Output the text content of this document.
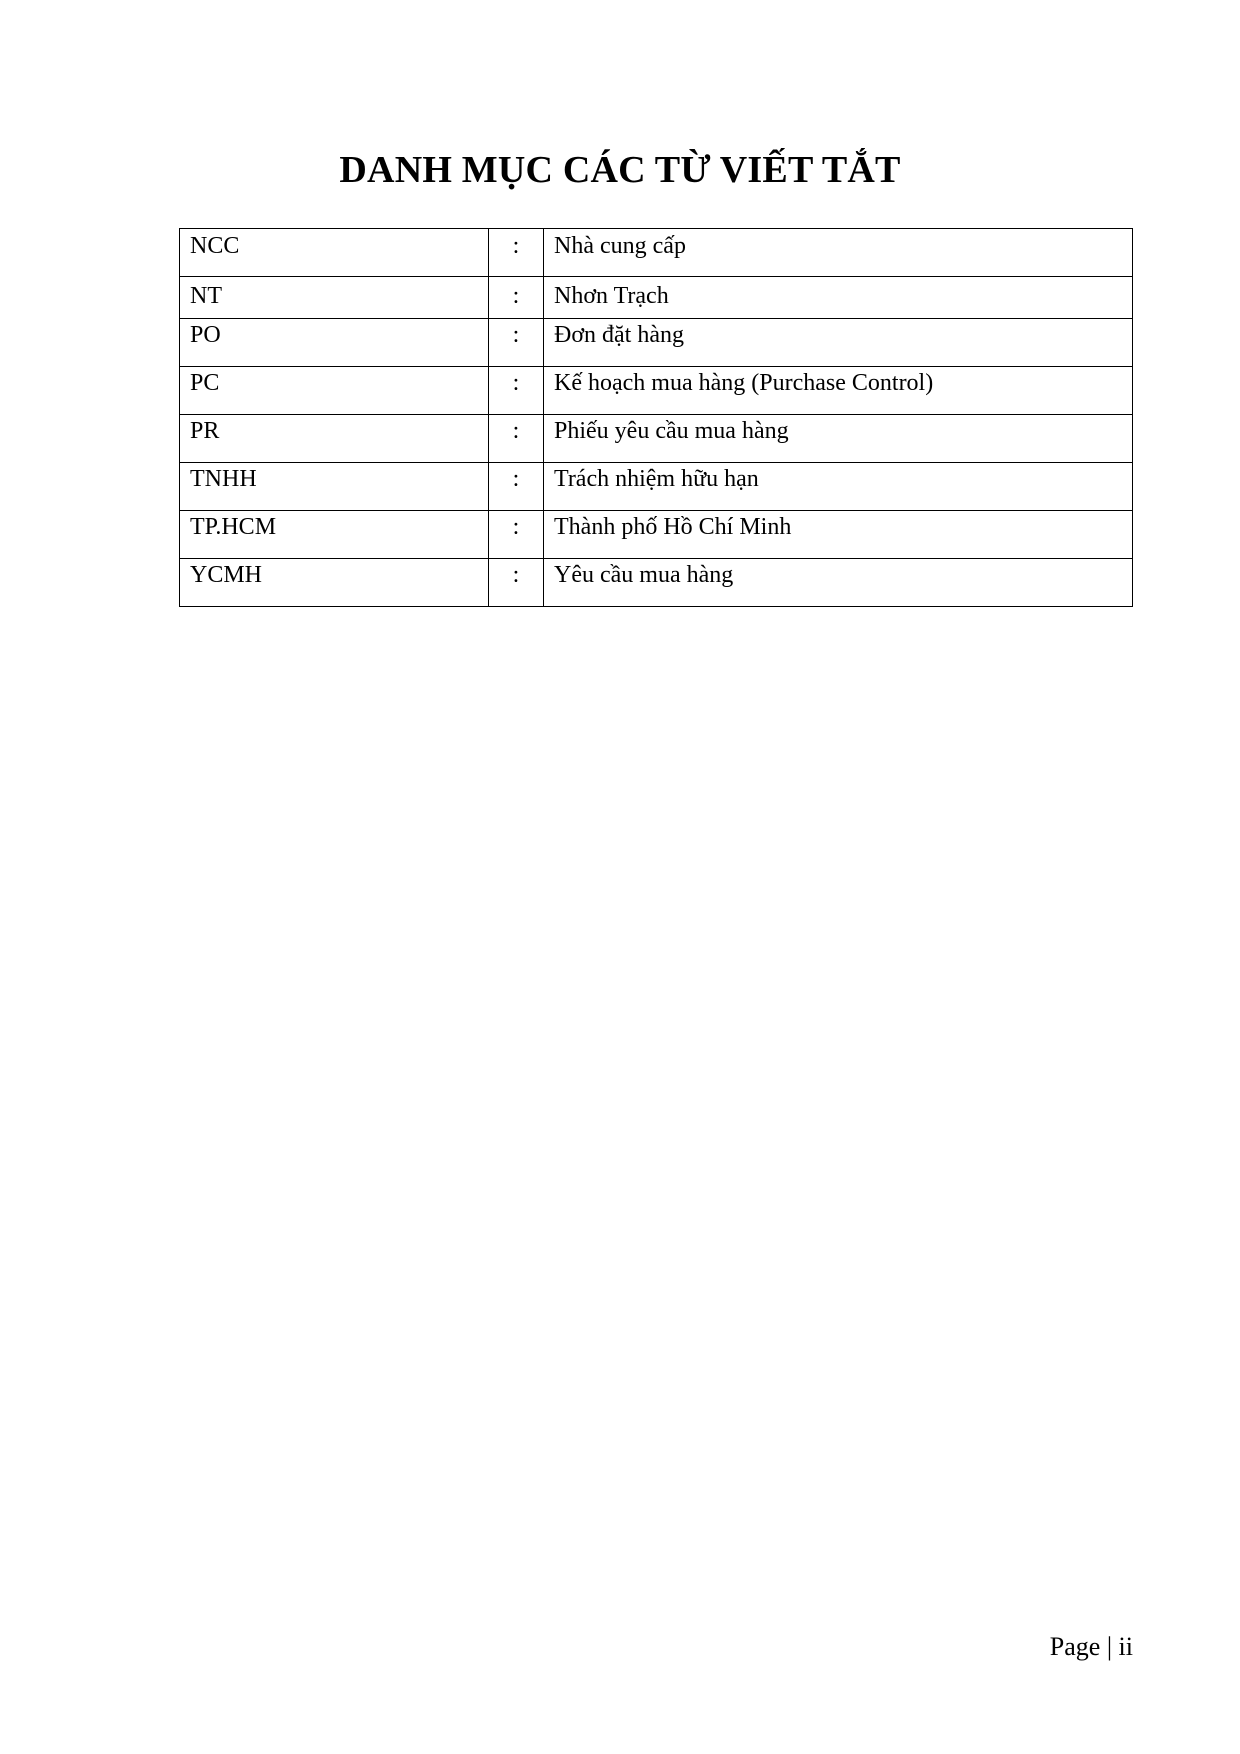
DANH MỤC CÁC TỪ VIẾT TẮT
NCC	:	Nhà cung cấp
NT	:	Nhơn Trạch
PO	:	Đơn đặt hàng
PC	:	Kế hoạch mua hàng (Purchase Control)
PR	:	Phiếu yêu cầu mua hàng
TNHH	:	Trách nhiệm hữu hạn
TP.HCM	:	Thành phố Hồ Chí Minh
YCMH	:	Yêu cầu mua hàng
Page | ii
